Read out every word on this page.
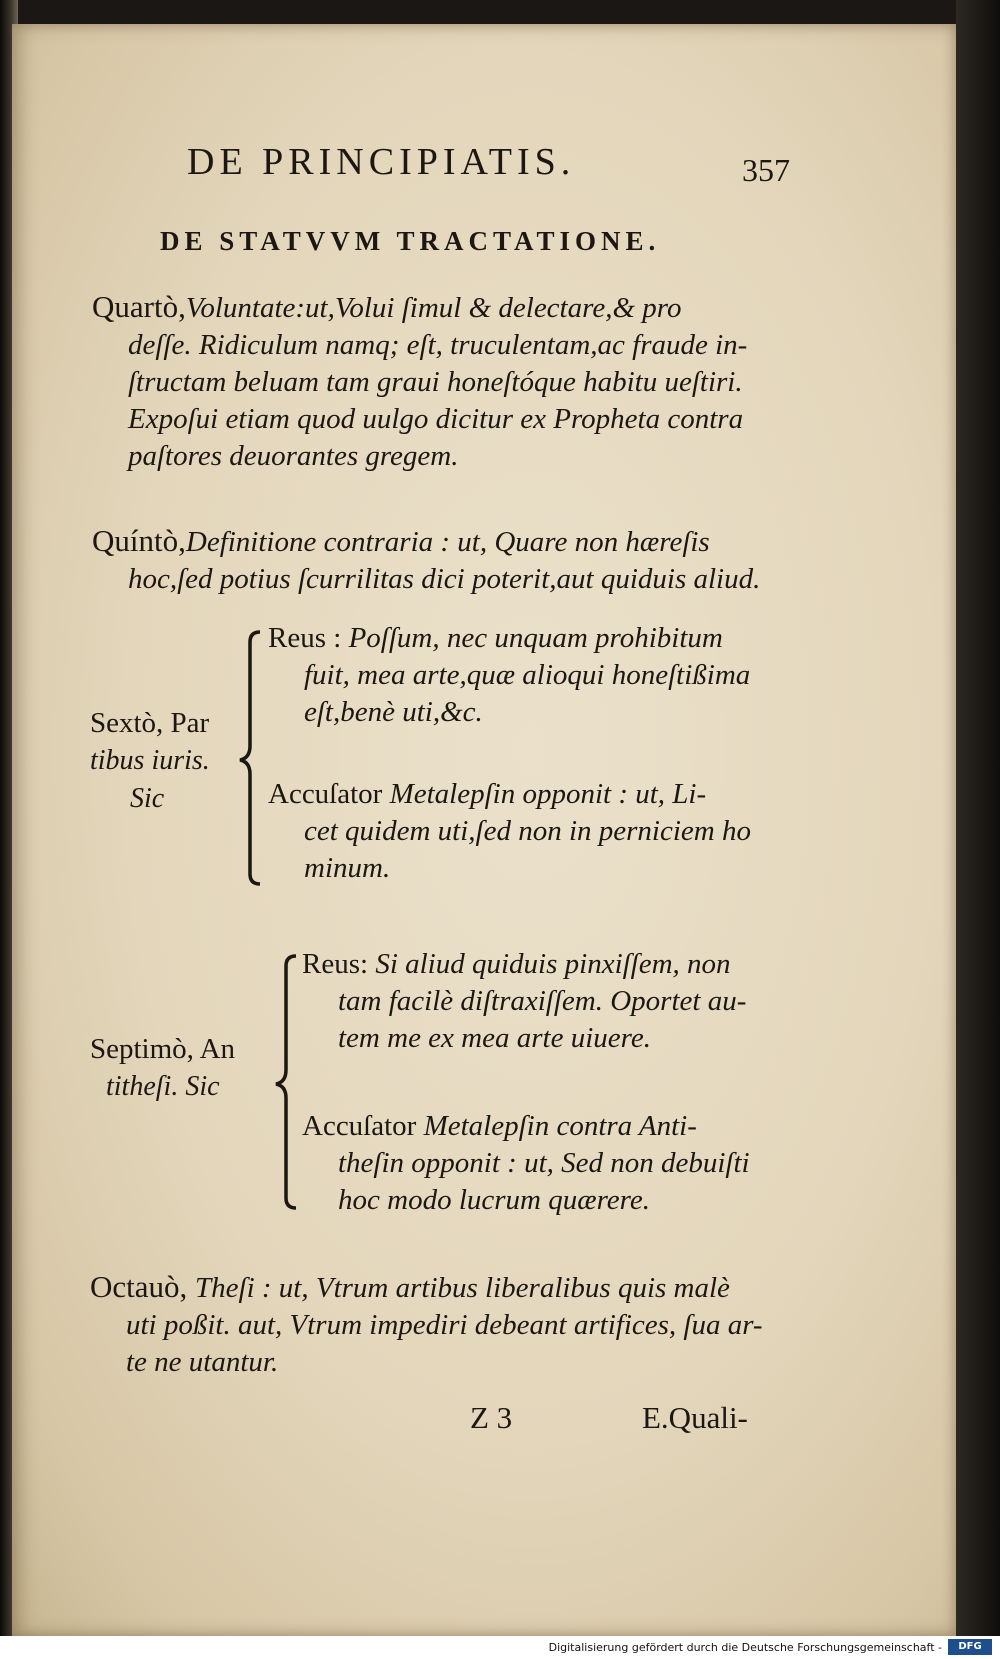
DE PRINCIPIATIS.	357
DE STATVVM TRACTATIONE.
Quartò,Voluntate:ut,Volui ſimul & delectare,& pro
deſſe. Ridiculum namq; eſt, truculentam,ac fraude in-
ſtructam beluam tam graui honeſtóque habitu ueſtiri.
Expoſui etiam quod uulgo dicitur ex Propheta contra
paſtores deuorantes gregem.
Quíntò,Definitione contraria : ut, Quare non hæreſis
hoc,ſed potius ſcurrilitas dici poterit,aut quiduis aliud.
Sextò, Par
tibus iuris.
Sic
Reus : Poſſum, nec unquam prohibitum
fuit, mea arte,quæ alioqui honeſtißima
eſt,benè uti,&c.
Accuſator Metalepſin opponit : ut, Li-
cet quidem uti,ſed non in perniciem ho
minum.
Septimò, An
titheſi. Sic
Reus: Si aliud quiduis pinxiſſem, non
tam facilè diſtraxiſſem. Oportet au-
tem me ex mea arte uiuere.
Accuſator Metalepſin contra Anti-
theſin opponit : ut, Sed non debuiſti
hoc modo lucrum quærere.
Octauò, Theſi : ut, Vtrum artibus liberalibus quis malè
uti poßit. aut, Vtrum impediri debeant artifices, ſua ar-
te ne utantur.
Z 3	E.Quali-
Digitalisierung gefördert durch die Deutsche Forschungsgemeinschaft -	DFG
